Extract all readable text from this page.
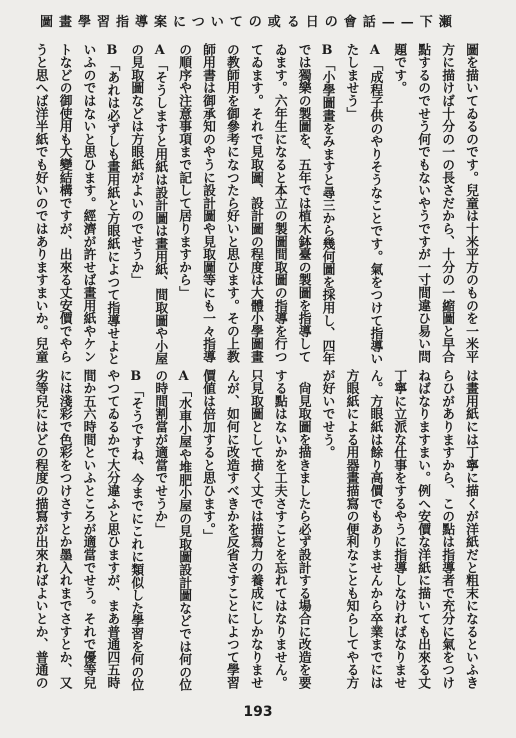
圖畫學習指導案についての或る日の會話——下瀬
圖を描いてゐるのです。兒童は十米平方のものを一米平
方に描けば十分の一の長さだから、十分の一縮圖と早合
點するのでせう何でもないやうですが一寸間違ひ易い問
題です。
A「成程子供のやりそうなことです。氣をつけて指導い
たしませう」
B「小學圖畫をみますと尋三から幾何圖を採用し、四年
では獨樂の製圖を、五年では植木鉢臺の製圖を指導して
ゐます。六年生になると本立の製圖間取圖の指導を行つ
てゐます。それで見取圖、設計圖の程度は大體小學圖畫
の教師用を御參考になつたら好いと思ひます。その上教
師用書は御承知のやうに設計圖や見取圖等にも一々指導
の順序や注意事項まで記して居りますから」
A「そうしますと用紙は設計圖は畫用紙、間取圖や小屋
の見取圖などは方眼紙がよいのでせうか」
B「あれは必ずしも畫用紙と方眼紙によつて指導せよと
いふのではないと思ひます。經濟が許せば畫用紙やケン
トなどの御使用も大變結構ですが、出來る丈安價でやら
うと思へば洋半紙でも好いのではありますまいか。兒童
は畫用紙には丁寧に描くが洋紙だと粗末になるといふき
らひがありますから、この點は指導者で充分に氣をつけ
ねばなりますまい。例へ安價な洋紙に描いても出來る丈
丁寧に立派な仕事をするやうに指導しなければなりませ
ん。方眼紙は餘り高價でもありませんから卒業までには
方眼紙による用器畫描寫の便利なことも知らしてやる方
が好いでせう。
　尙見取圖を描きましたら必ず設計する場合に改造を要
する點はないかを工夫さすことを忘れてはなりません。
只見取圖として描く丈では描寫力の養成にしかなりませ
んが、如何に改造すべきかを反省さすことによつて學習
價値は倍加すると思ひます。」
A「水車小屋や堆肥小屋の見取圖設計圖などでは何の位
の時間割當が適當でせうか」
B「そうですね、今までにこれに類似した學習を何の位
やつてゐるかで大分違ふと思ひますが、まあ普通四五時
間か五六時間といふところが適當でせう。それで優等兒
には淺彩で色彩をつけさすとか墨入れまでさすとか、又
劣等兒にはどの程度の描寫が出來ればよいとか、普通の
193
